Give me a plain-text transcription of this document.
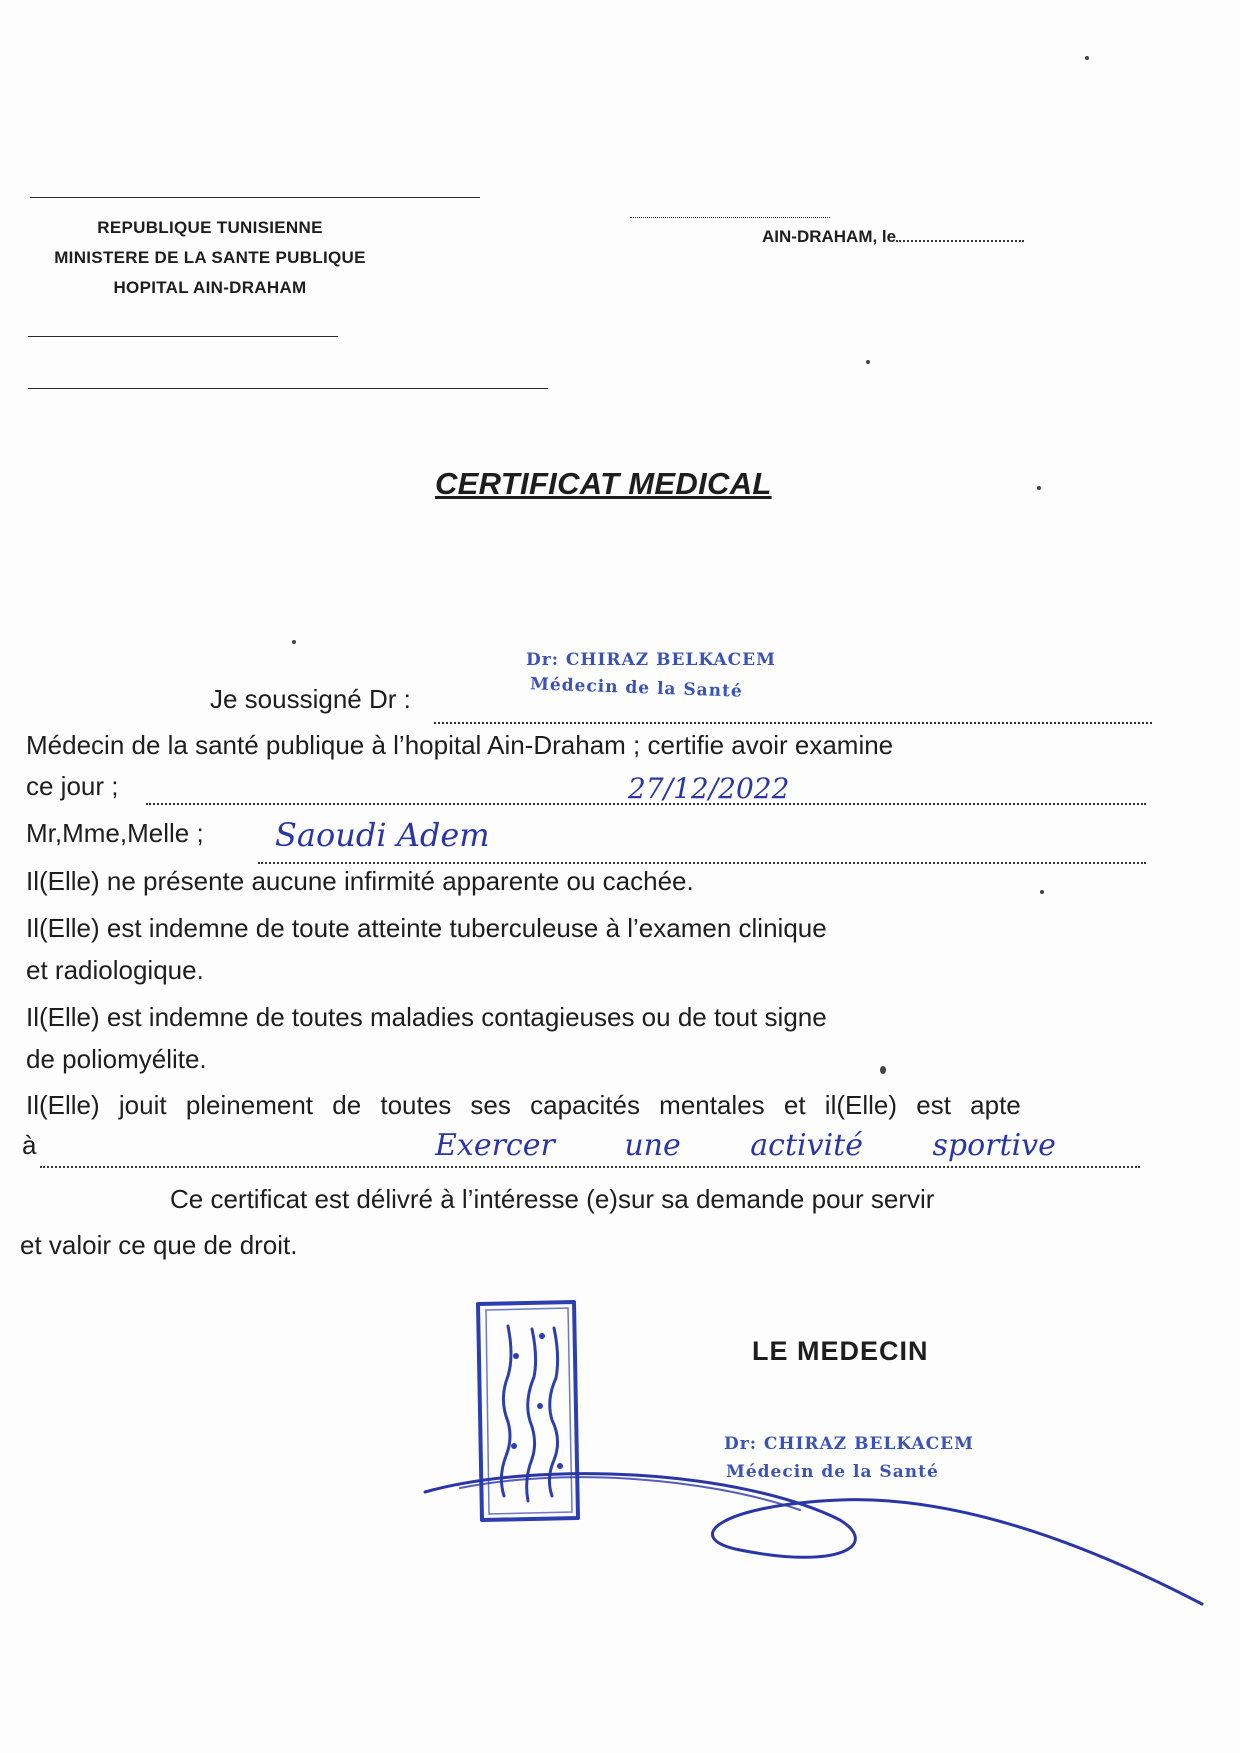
REPUBLIQUE TUNISIENNE
MINISTERE DE LA SANTE PUBLIQUE
HOPITAL AIN-DRAHAM
AIN-DRAHAM, le
CERTIFICAT MEDICAL
Je soussigné Dr :
Médecin de la santé publique à l’hopital Ain-Draham ; certifie avoir examine
ce jour ;	27/12/2022
Mr,Mme,Melle ; Saoudi Adem
Il(Elle) ne présente aucune infirmité apparente ou cachée.
Il(Elle) est indemne de toute atteinte tuberculeuse à l’examen clinique
et radiologique.
Il(Elle) est indemne de toutes maladies contagieuses ou de tout signe
de poliomyélite.
Il(Elle) jouit pleinement de toutes ses capacités mentales et il(Elle) est apte
à	Exercer une activité sportive
Ce certificat est délivré à l’intéresse (e)sur sa demande pour servir
et valoir ce que de droit.
Dr: CHIRAZ BELKACEM
Médecin de la Santé
LE MEDECIN
Dr: CHIRAZ BELKACEM
Médecin de la Santé
